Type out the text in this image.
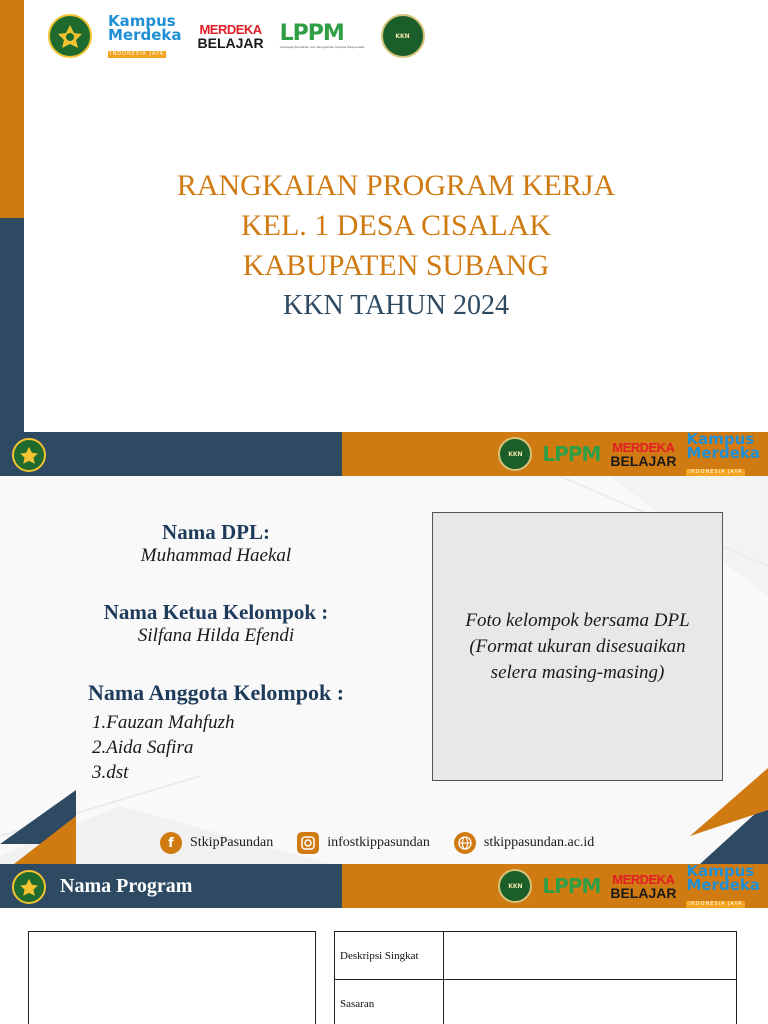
Kampus
Merdeka
INDONESIA JAYA
MERDEKA
BELAJAR LPPM
Lembaga Penelitian dan Pengabdian kepada Masyarakat
KKN
RANGKAIAN PROGRAM KERJA
KEL. 1 DESA CISALAK
KABUPATEN SUBANG
KKN TAHUN 2024
KKN LPPM MERDEKA
BELAJAR
Kampus
Merdeka
INDONESIA JAYA
Nama DPL:
Muhammad Haekal
Nama Ketua Kelompok :
Silfana Hilda Efendi
Nama Anggota Kelompok :
1.Fauzan Mahfuzh
2.Aida Safira
3.dst
Foto kelompok bersama DPL
(Format ukuran disesuaikan
selera masing-masing)
f	StkipPasundan	infostkippasundan	stkippasundan.ac.id
Nama Program	KKN LPPM MERDEKA
BELAJAR
Kampus
Merdeka
INDONESIA JAYA
Deskripsi Singkat	
Sasaran	
